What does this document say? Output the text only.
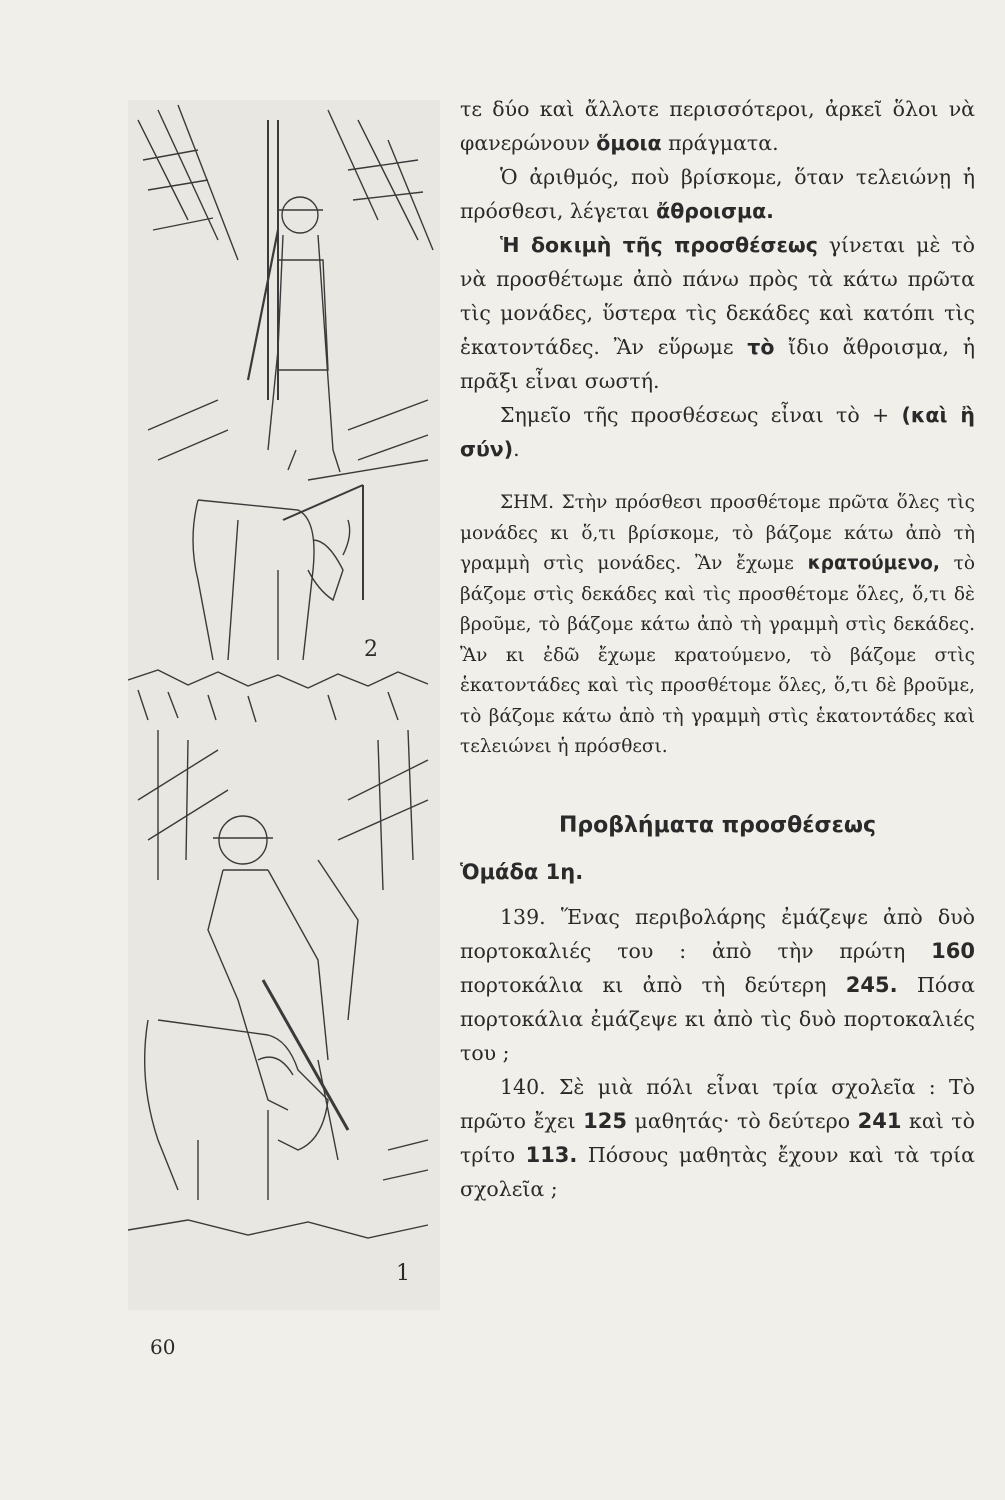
2
1

τε δύο καὶ ἄλλοτε περισσότεροι, ἀρκεῖ ὅλοι νὰ φανερώνουν ὅμοια πράγματα.

Ὁ ἀριθμός, ποὺ βρίσκομε, ὅταν τελειώνῃ ἡ πρόσθεσι, λέγεται ἄθροισμα.

Ἡ δοκιμὴ τῆς προσθέσεως γίνεται μὲ τὸ νὰ προσθέτωμε ἀπὸ πάνω πρὸς τὰ κάτω πρῶτα τὶς μονάδες, ὕστερα τὶς δεκάδες καὶ κατόπι τὶς ἑκατοντάδες. Ἂν εὕρωμε τὸ ἴδιο ἄθροισμα, ἡ πρᾶξι εἶναι σωστή.

Σημεῖο τῆς προσθέσεως εἶναι τὸ + (καὶ ἢ σύν).

ΣΗΜ. Στὴν πρόσθεσι προσθέτομε πρῶτα ὅλες τὶς μονάδες κι ὅ,τι βρίσκομε, τὸ βάζομε κάτω ἀπὸ τὴ γραμμὴ στὶς μονάδες. Ἂν ἔχωμε κρατούμενο, τὸ βάζομε στὶς δεκάδες καὶ τὶς προσθέτομε ὅλες, ὅ,τι δὲ βροῦμε, τὸ βάζομε κάτω ἀπὸ τὴ γραμμὴ στὶς δεκάδες. Ἂν κι ἐδῶ ἔχωμε κρατούμενο, τὸ βάζομε στὶς ἑκατοντάδες καὶ τὶς προσθέτομε ὅλες, ὅ,τι δὲ βροῦμε, τὸ βάζομε κάτω ἀπὸ τὴ γραμμὴ στὶς ἑκατοντάδες καὶ τελειώνει ἡ πρόσθεσι.

Προβλήματα προσθέσεως
Ὁμάδα 1η.

139. Ἕνας περιβολάρης ἐμάζεψε ἀπὸ δυὸ πορτοκαλιές του : ἀπὸ τὴν πρώτη 160 πορτοκάλια κι ἀπὸ τὴ δεύτερη 245. Πόσα πορτοκάλια ἐμάζεψε κι ἀπὸ τὶς δυὸ πορτοκαλιές του ;

140. Σὲ μιὰ πόλι εἶναι τρία σχολεῖα : Τὸ πρῶτο ἔχει 125 μαθητάς· τὸ δεύτερο 241 καὶ τὸ τρίτο 113. Πόσους μαθητὰς ἔχουν καὶ τὰ τρία σχολεῖα ;

60
